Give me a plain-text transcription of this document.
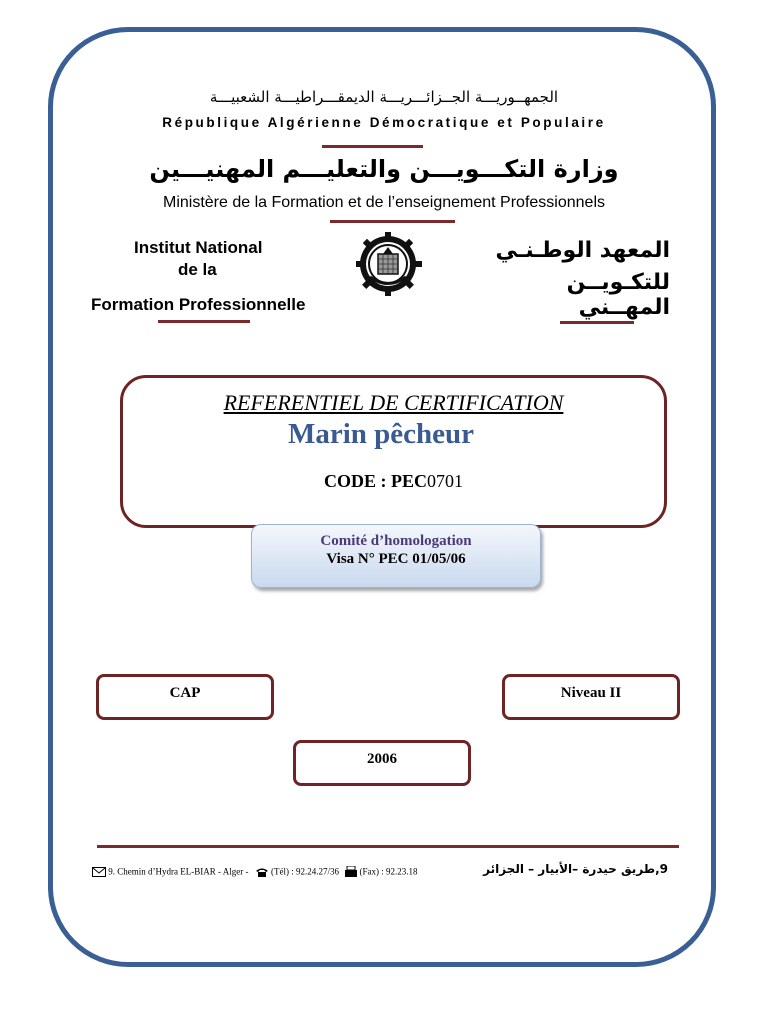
الجمهــوريـــة الجــزائـــريـــة الديمقـــراطيـــة الشعبيـــة
République Algérienne Démocratique et Populaire
وزارة التكـــويـــن والتعليـــم المهنيـــين
Ministère de la Formation et de l’enseignement Professionnels
Institut National
de la
Formation Professionnelle
المعهد الوطـنـي
للتكـويــن المهــني
REFERENTIEL DE CERTIFICATION
Marin pêcheur
CODE : PEC0701
Comité d’homologation
Visa N° PEC 01/05/06
CAP	Niveau II
2006
9. Chemin d’Hydra EL-BIAR - Alger -	(Tél) : 92.24.27/36 (Fax) : 92.23.18	9,طريق حيدرة –الأبيار – الجزائر
